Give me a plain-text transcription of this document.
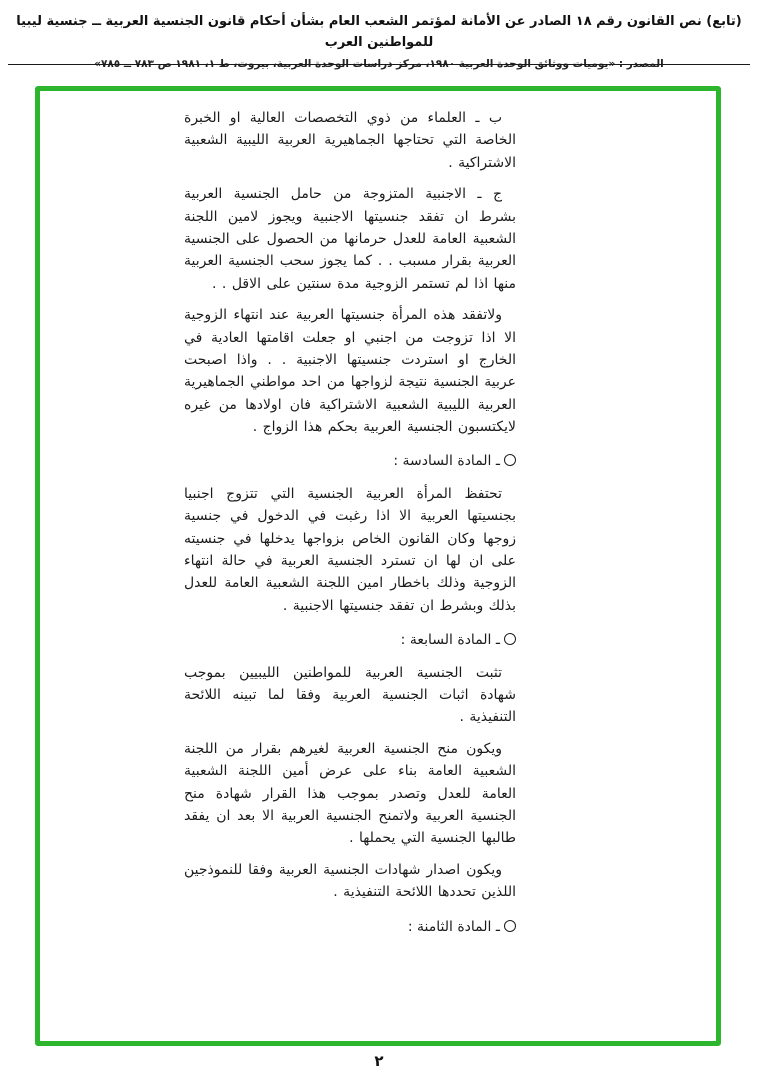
(تابع) نص القانون رقم ١٨ الصادر عن الأمانة لمؤتمر الشعب العام بشأن أحكام قانون الجنسية العربية ــ جنسية ليبيا للمواطنين العرب
المصدر : «يوميات ووثائق الوحدة العربية ١٩٨٠، مركز دراسات الوحدة العربية، بيروت، ط ١، ١٩٨١ ص ٧٨٣ ــ ٧٨٥»

ب ـ العلماء من ذوي التخصصات العالية او الخبرة الخاصة التي تحتاجها الجماهيرية العربية الليبية الشعبية الاشتراكية .

ج ـ الاجنبية المتزوجة من حامل الجنسية العربية بشرط ان تفقد جنسيتها الاجنبية ويجوز لامين اللجنة الشعبية العامة للعدل حرمانها من الحصول على الجنسية العربية بقرار مسبب . . كما يجوز سحب الجنسية العربية منها اذا لم تستمر الزوجية مدة سنتين على الاقل . .

ولاتفقد هذه المرأة جنسيتها العربية عند انتهاء الزوجية الا اذا تزوجت من اجنبي او جعلت اقامتها العادية في الخارج او استردت جنسيتها الاجنبية . . واذا اصبحت عربية الجنسية نتيجة لزواجها من احد مواطني الجماهيرية العربية الليبية الشعبية الاشتراكية فان اولادها من غيره لايكتسبون الجنسية العربية بحكم هذا الزواج .

ـ المادة السادسة :

تحتفظ المرأة العربية الجنسية التي تتزوج اجنبيا بجنسيتها العربية الا اذا رغبت في الدخول في جنسية زوجها وكان القانون الخاص بزواجها يدخلها في جنسيته على ان لها ان تسترد الجنسية العربية في حالة انتهاء الزوجية وذلك باخطار امين اللجنة الشعبية العامة للعدل بذلك وبشرط ان تفقد جنسيتها الاجنبية .

ـ المادة السابعة :

تثبت الجنسية العربية للمواطنين الليبيين بموجب شهادة اثبات الجنسية العربية وفقا لما تبينه اللائحة التنفيذية .

ويكون منح الجنسية العربية لغيرهم بقرار من اللجنة الشعبية العامة بناء على عرض أمين اللجنة الشعبية العامة للعدل وتصدر بموجب هذا القرار شهادة منح الجنسية العربية ولاتمنح الجنسية العربية الا بعد ان يفقد طالبها الجنسية التي يحملها .

ويكون اصدار شهادات الجنسية العربية وفقا للنموذجين اللذين تحددها اللائحة التنفيذية .

ـ المادة الثامنة :

٢
